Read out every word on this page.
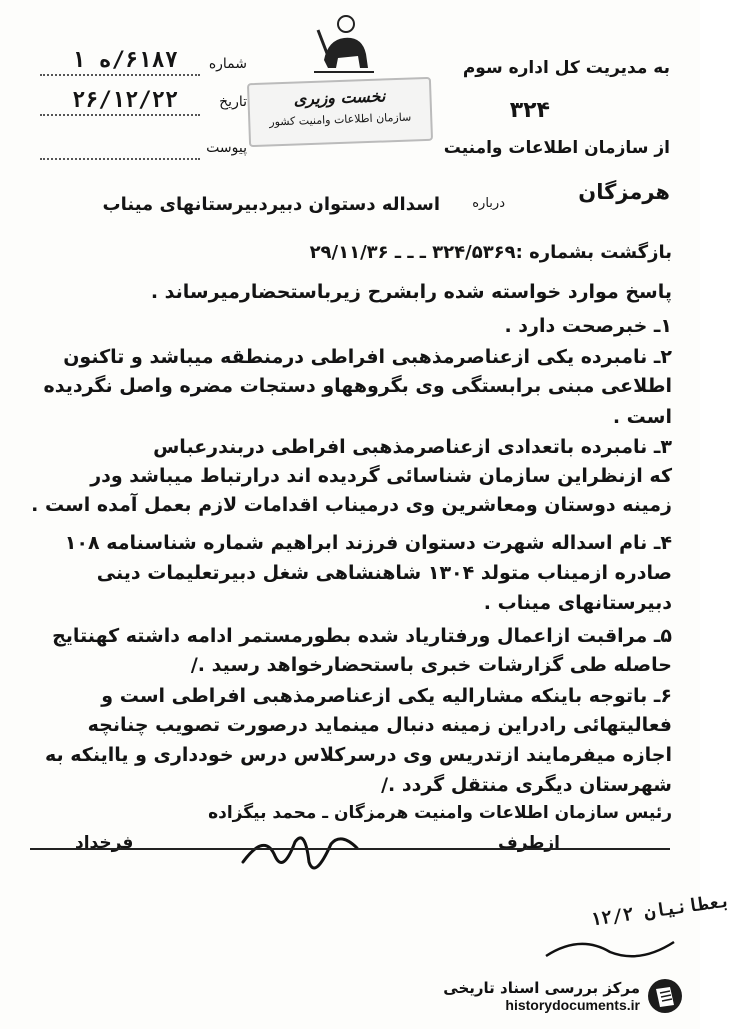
به مدیریت کل اداره سوم
۳۲۴
از سازمان اطلاعات وامنیت
هرمزگان
شماره
۶۱۸۷/ه ۱
تاریخ
۲۶/۱۲/۲۲
پیوست
نخست وزیری
سازمان اطلاعات وامنیت کشور
درباره
اسداله دستوان دبیردبیرستانهای میناب
بازگشت بشماره :۳۲۴/۵۳۶۹ ـ ـ ـ ۲۹/۱۱/۳۶
پاسخ موارد خواسته شده رابشرح زیرباستحضارمیرساند .
۱ـ خبرصحت دارد .
۲ـ نامبرده یکی ازعناصرمذهبی افراطی درمنطقه میباشد و تاکنون
اطلاعی مبنی برابستگی وی بگروههاو دستجات مضره واصل نگردیده
است .
۳ـ نامبرده باتعدادی ازعناصرمذهبی افراطی دربندرعباس
که ازنظراین سازمان شناسائی گردیده اند درارتباط میباشد ودر
زمینه دوستان ومعاشرین وی درمیناب اقدامات لازم بعمل آمده است .
۴ـ نام اسداله شهرت دستوان فرزند ابراهیم شماره شناسنامه ۱۰۸
صادره ازمیناب متولد ۱۳۰۴ شاهنشاهی شغل دبیرتعلیمات دینی
دبیرستانهای میناب .
۵ـ مراقبت ازاعمال ورفتاریاد شده بطورمستمر ادامه داشته کهنتایج
حاصله طی گزارشات خبری باستحضارخواهد رسید ./
۶ـ باتوجه باینکه مشارالیه یکی ازعناصرمذهبی افراطی است و
فعالیتهائی رادراین زمینه دنبال مینماید درصورت تصویب چنانچه
اجازه میفرمایند ازتدریس وی درسرکلاس درس خودداری و یااینکه به
شهرستان دیگری منتقل گردد ./
رئیس سازمان اطلاعات وامنیت هرمزگان ـ محمد بیگزاده
ازطرف
فرخداد
بعطانیان ۱۲/۲
مرکز بررسی اسناد تاریخی
historydocuments.ir
